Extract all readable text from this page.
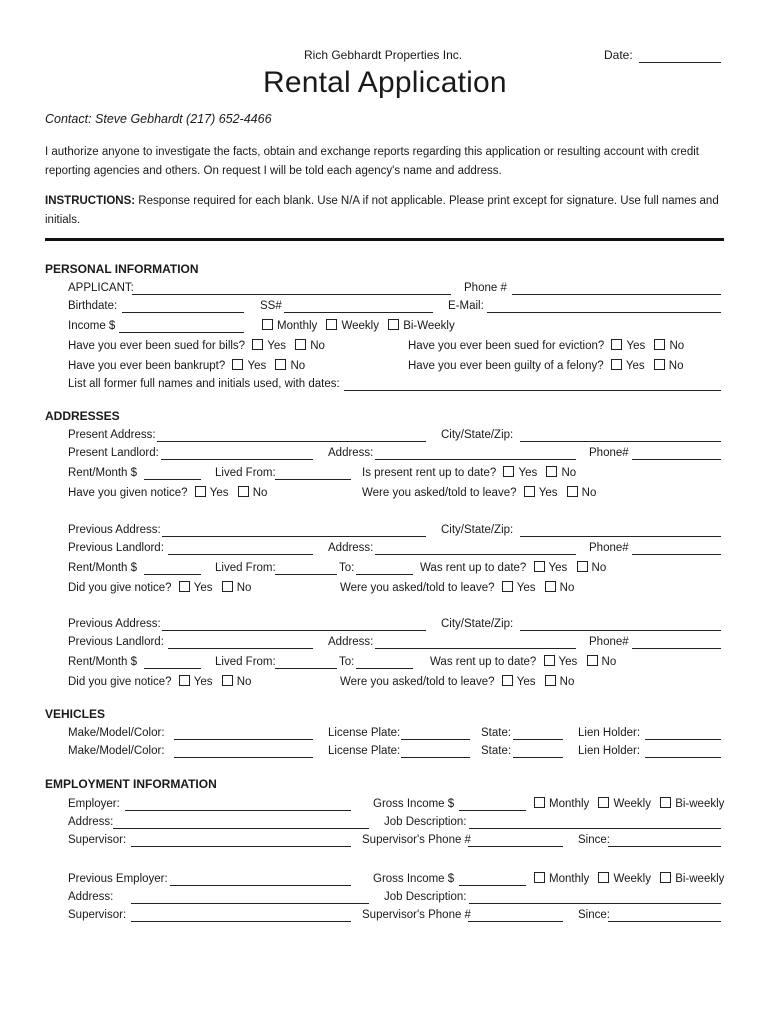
Rich Gebhardt Properties Inc.	Date:
Rental Application
Contact: Steve Gebhardt (217) 652-4466
I authorize anyone to investigate the facts, obtain and exchange reports regarding this application or resulting account with credit reporting agencies and others. On request I will be told each agency's name and address.
INSTRUCTIONS: Response required for each blank. Use N/A if not applicable. Please print except for signature. Use full names and initials.
PERSONAL INFORMATION
APPLICANT:	Phone #
Birthdate:	SS#	E-Mail:
Income $	Monthly Weekly Bi-Weekly
Have you ever been sued for bills? Yes No	Have you ever been sued for eviction? Yes No
Have you ever been bankrupt? Yes No	Have you ever been guilty of a felony? Yes No
List all former full names and initials used, with dates:
ADDRESSES
Present Address:	City/State/Zip:
Present Landlord:	Address:	Phone#
Rent/Month $	Lived From:	Is present rent up to date? Yes No
Have you given notice? Yes No	Were you asked/told to leave? Yes No
Previous Address:	City/State/Zip:
Previous Landlord:	Address:	Phone#
Rent/Month $	Lived From:	To:	Was rent up to date? Yes No
Did you give notice? Yes No	Were you asked/told to leave? Yes No
Previous Address:	City/State/Zip:
Previous Landlord:	Address:	Phone#
Rent/Month $	Lived From:	To:	Was rent up to date? Yes No
Did you give notice? Yes No	Were you asked/told to leave? Yes No
VEHICLES
Make/Model/Color:	License Plate:	State:	Lien Holder:
Make/Model/Color:	License Plate:	State:	Lien Holder:
EMPLOYMENT INFORMATION
Employer:	Gross Income $	Monthly Weekly Bi-weekly
Address:	Job Description:
Supervisor:	Supervisor's Phone #	Since:
Previous Employer:	Gross Income $	Monthly Weekly Bi-weekly
Address:	Job Description:
Supervisor:	Supervisor's Phone #	Since:
